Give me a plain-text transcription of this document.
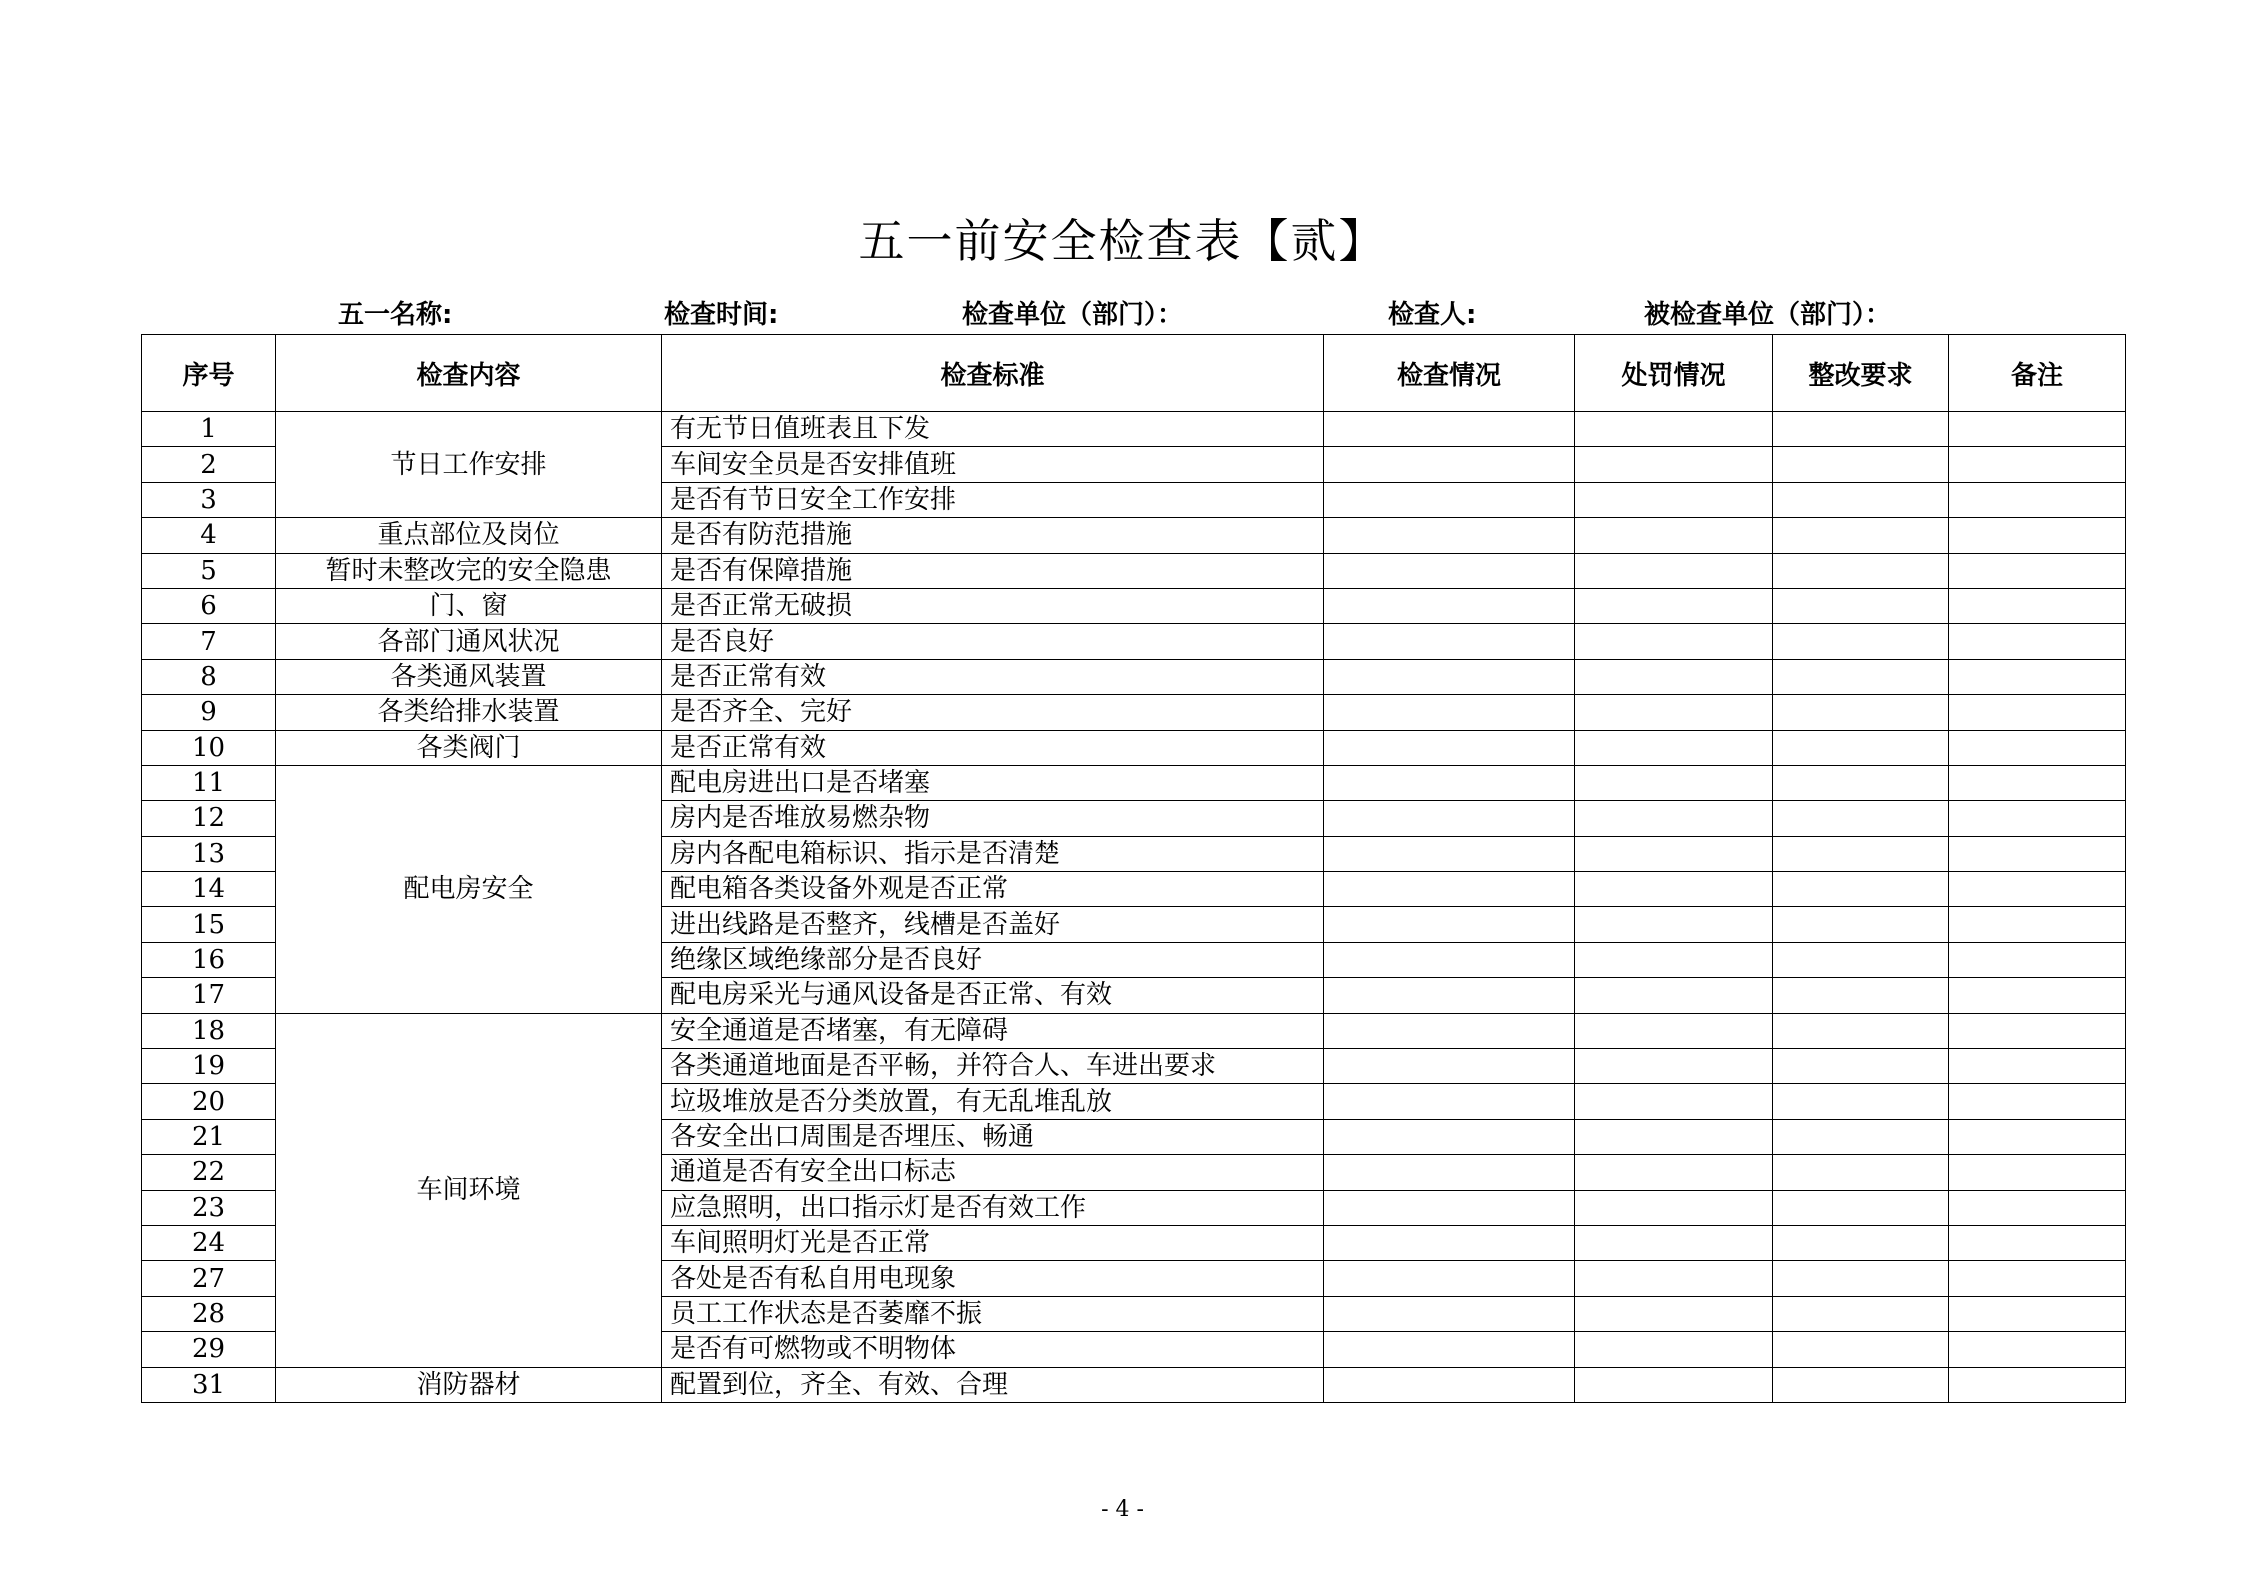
五一前安全检查表【贰】
五一名称:	检查时间:	检查单位（部门）：	检查人:	被检查单位（部门）：
序号	检查内容	检查标准	检查情况	处罚情况	整改要求	备注
1	节日工作安排	有无节日值班表且下发				
2		车间安全员是否安排值班				
3		是否有节日安全工作安排				
4	重点部位及岗位	是否有防范措施				
5	暂时未整改完的安全隐患	是否有保障措施				
6	门、窗	是否正常无破损				
7	各部门通风状况	是否良好				
8	各类通风装置	是否正常有效				
9	各类给排水装置	是否齐全、完好				
10	各类阀门	是否正常有效				
11	配电房安全	配电房进出口是否堵塞				
12		房内是否堆放易燃杂物				
13		房内各配电箱标识、指示是否清楚				
14		配电箱各类设备外观是否正常				
15		进出线路是否整齐，线槽是否盖好				
16		绝缘区域绝缘部分是否良好				
17		配电房采光与通风设备是否正常、有效				
18	车间环境	安全通道是否堵塞，有无障碍				
19		各类通道地面是否平畅，并符合人、车进出要求				
20		垃圾堆放是否分类放置，有无乱堆乱放				
21		各安全出口周围是否埋压、畅通				
22		通道是否有安全出口标志				
23		应急照明，出口指示灯是否有效工作				
24		车间照明灯光是否正常				
27		各处是否有私自用电现象				
28		员工工作状态是否萎靡不振				
29		是否有可燃物或不明物体				
31	消防器材	配置到位，齐全、有效、合理				
- 4 -
